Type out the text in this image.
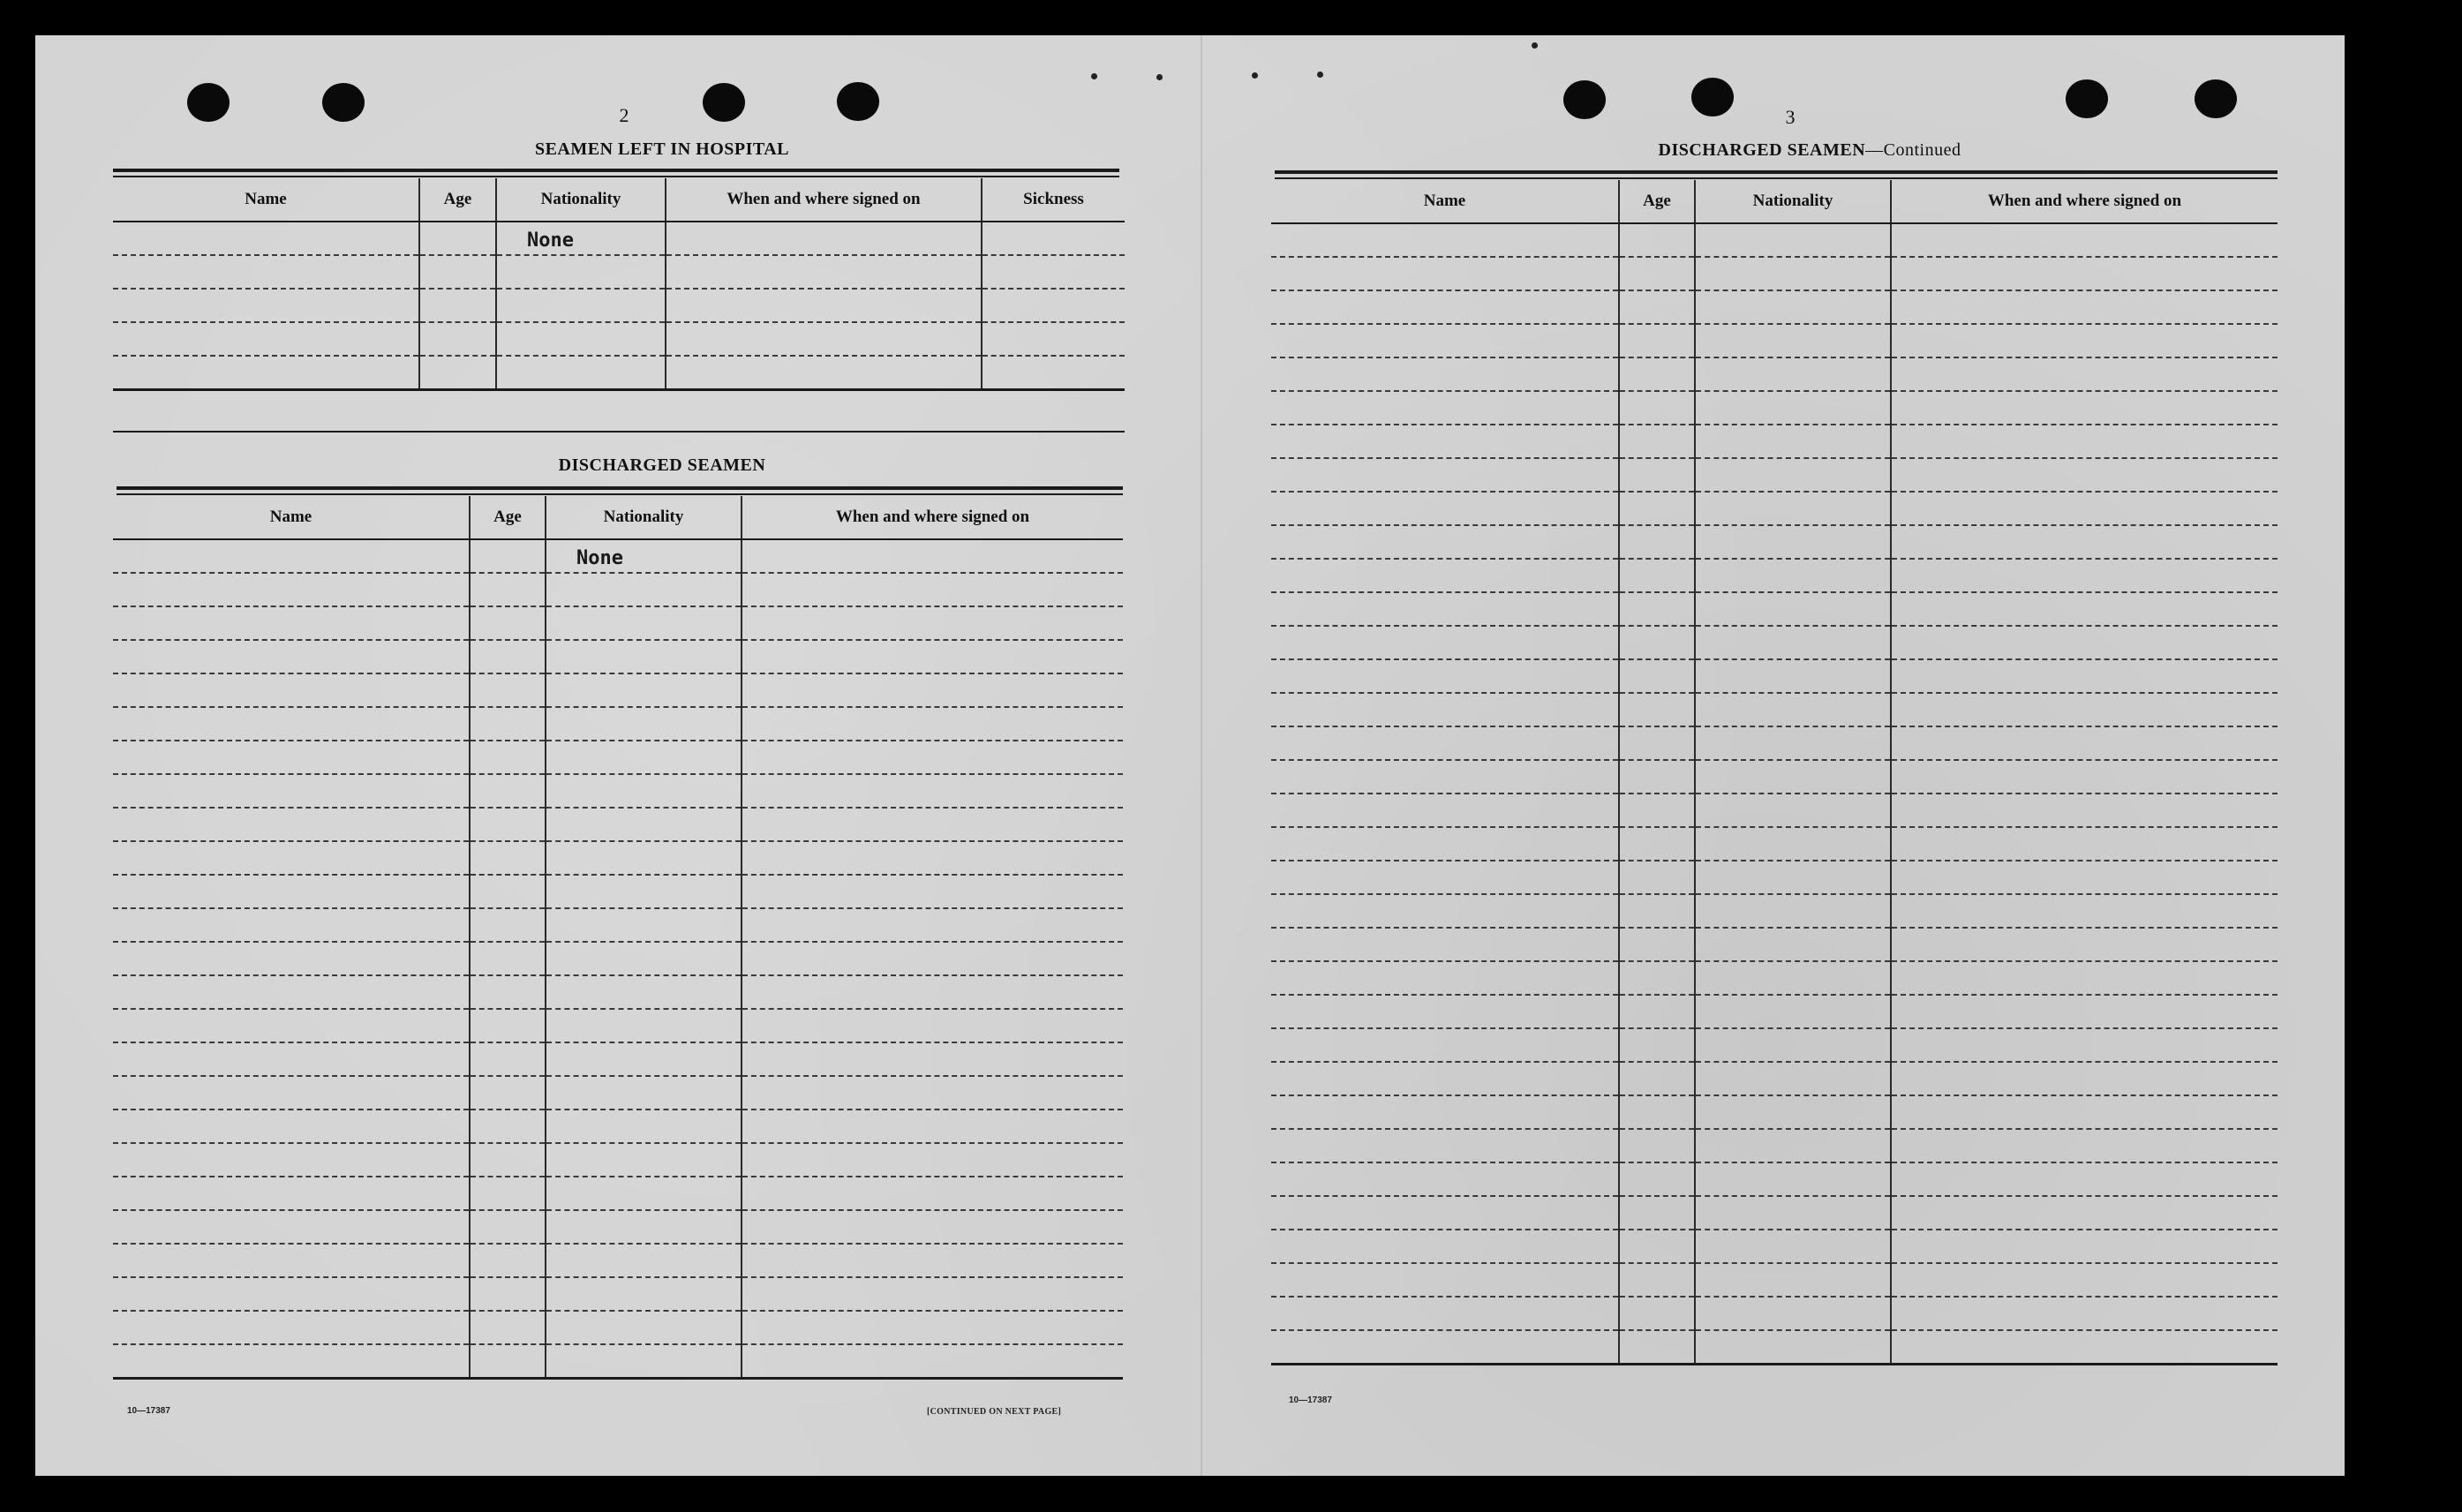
2
SEAMEN LEFT IN HOSPITAL
Name	Age	Nationality	When and where signed on	Sickness
		None		

DISCHARGED SEAMEN
Name	Age	Nationality	When and where signed on
		None	

10—17387	[CONTINUED ON NEXT PAGE]
3
DISCHARGED SEAMEN—Continued
Name	Age	Nationality	When and where signed on

10—17387
